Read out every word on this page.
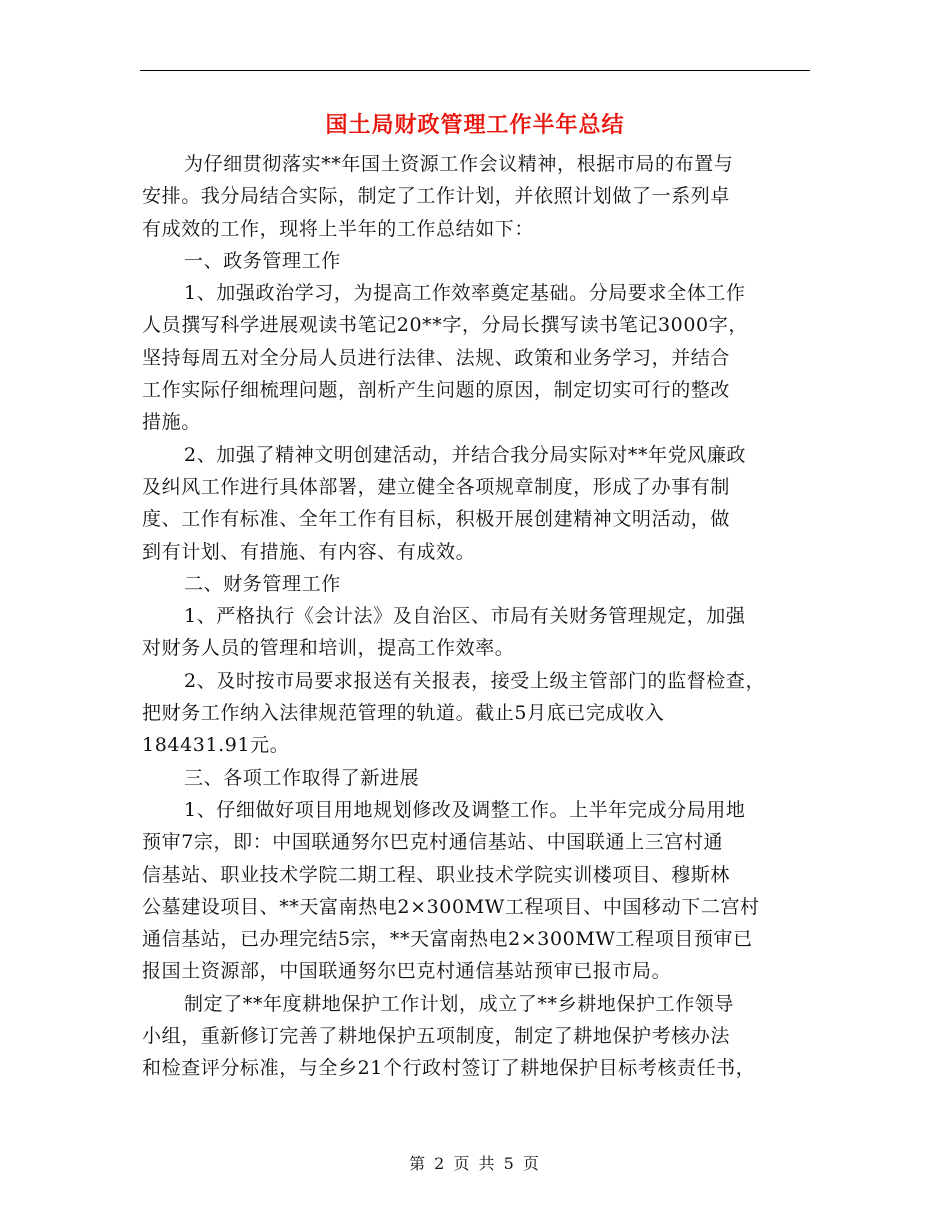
国土局财政管理工作半年总结
为仔细贯彻落实**年国土资源工作会议精神，根据市局的布置与
安排。我分局结合实际，制定了工作计划，并依照计划做了一系列卓
有成效的工作，现将上半年的工作总结如下：
一、政务管理工作
1、加强政治学习，为提高工作效率奠定基础。分局要求全体工作
人员撰写科学进展观读书笔记20**字，分局长撰写读书笔记3000字，
坚持每周五对全分局人员进行法律、法规、政策和业务学习，并结合
工作实际仔细梳理问题，剖析产生问题的原因，制定切实可行的整改
措施。
2、加强了精神文明创建活动，并结合我分局实际对**年党风廉政
及纠风工作进行具体部署，建立健全各项规章制度，形成了办事有制
度、工作有标准、全年工作有目标，积极开展创建精神文明活动，做
到有计划、有措施、有内容、有成效。
二、财务管理工作
1、严格执行《会计法》及自治区、市局有关财务管理规定，加强
对财务人员的管理和培训，提高工作效率。
2、及时按市局要求报送有关报表，接受上级主管部门的监督检查，
把财务工作纳入法律规范管理的轨道。截止5月底已完成收入
184431.91元。
三、各项工作取得了新进展
1、仔细做好项目用地规划修改及调整工作。上半年完成分局用地
预审7宗，即：中国联通努尔巴克村通信基站、中国联通上三宫村通
信基站、职业技术学院二期工程、职业技术学院实训楼项目、穆斯林
公墓建设项目、**天富南热电2×300MW工程项目、中国移动下二宫村
通信基站，已办理完结5宗，**天富南热电2×300MW工程项目预审已
报国土资源部，中国联通努尔巴克村通信基站预审已报市局。
制定了**年度耕地保护工作计划，成立了**乡耕地保护工作领导
小组，重新修订完善了耕地保护五项制度，制定了耕地保护考核办法
和检查评分标准，与全乡21个行政村签订了耕地保护目标考核责任书，
第 2 页 共 5 页
